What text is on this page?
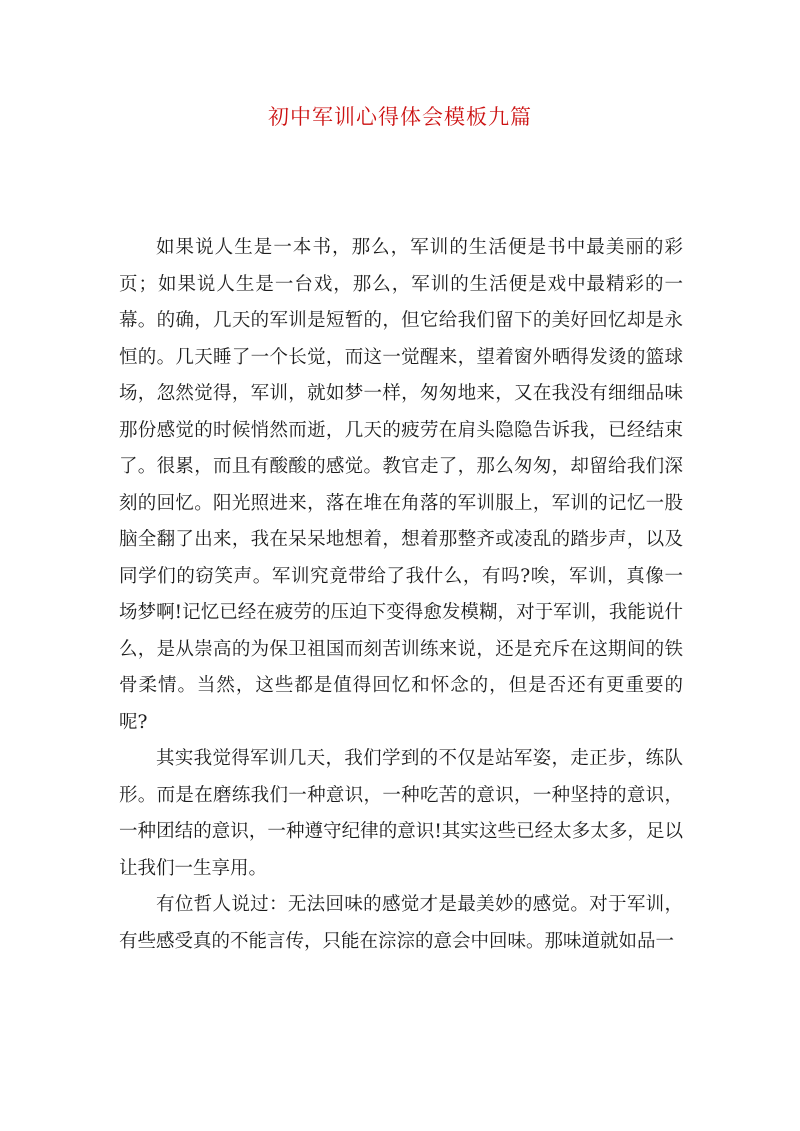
初中军训心得体会模板九篇

如果说人生是一本书，那么，军训的生活便是书中最美丽的彩页；如果说人生是一台戏，那么，军训的生活便是戏中最精彩的一幕。的确，几天的军训是短暂的，但它给我们留下的美好回忆却是永恒的。几天睡了一个长觉，而这一觉醒来，望着窗外晒得发烫的篮球场，忽然觉得，军训，就如梦一样，匆匆地来，又在我没有细细品味那份感觉的时候悄然而逝，几天的疲劳在肩头隐隐告诉我，已经结束了。很累，而且有酸酸的感觉。教官走了，那么匆匆，却留给我们深刻的回忆。阳光照进来，落在堆在角落的军训服上，军训的记忆一股脑全翻了出来，我在呆呆地想着，想着那整齐或凌乱的踏步声，以及同学们的窃笑声。军训究竟带给了我什么，有吗?唉，军训，真像一场梦啊!记忆已经在疲劳的压迫下变得愈发模糊，对于军训，我能说什么，是从崇高的为保卫祖国而刻苦训练来说，还是充斥在这期间的铁骨柔情。当然，这些都是值得回忆和怀念的，但是否还有更重要的呢?

其实我觉得军训几天，我们学到的不仅是站军姿，走正步，练队形。而是在磨练我们一种意识，一种吃苦的意识，一种坚持的意识，一种团结的意识，一种遵守纪律的意识!其实这些已经太多太多，足以让我们一生享用。

有位哲人说过：无法回味的感觉才是最美妙的感觉。对于军训，有些感受真的不能言传，只能在淙淙的意会中回味。那味道就如品一
